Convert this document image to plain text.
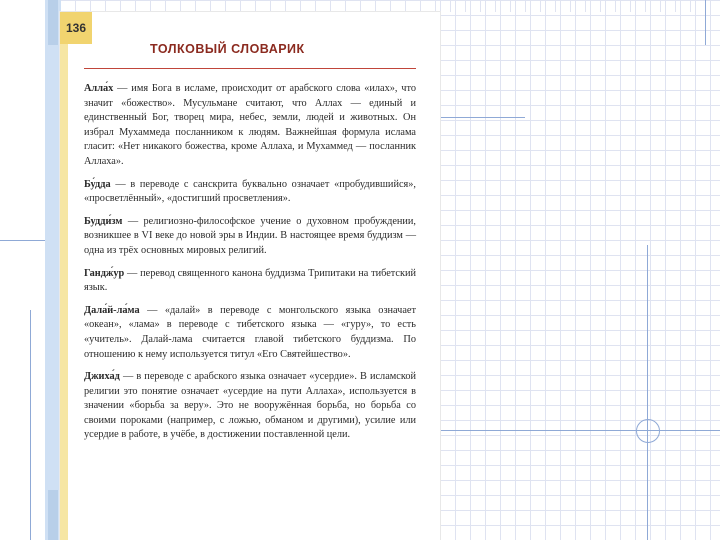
136
ТОЛКОВЫЙ СЛОВАРИК

Алла́х — имя Бога в исламе, происходит от арабского слова «илах», что значит «божество». Мусульмане считают, что Аллах — единый и единственный Бог, творец мира, небес, земли, людей и животных. Он избрал Мухаммеда посланником к людям. Важнейшая формула ислама гласит: «Нет никакого божества, кроме Аллаха, и Мухаммед — посланник Аллаха».

Бу́дда — в переводе с санскрита буквально означает «пробудившийся», «просветлённый», «достигший просветления».

Будди́зм — религиозно-философское учение о духовном пробуждении, возникшее в VI веке до новой эры в Индии. В настоящее время буддизм — одна из трёх основных мировых религий.

Гандж́ур — перевод священного канона буддизма Трипитаки на тибетский язык.

Дала́й-ла́ма — «далай» в переводе с монгольского языка означает «океан», «лама» в переводе с тибетского языка — «гуру», то есть «учитель». Далай-лама считается главой тибетского буддизма. По отношению к нему используется титул «Его Святейшество».

Джиха́д — в переводе с арабского языка означает «усердие». В исламской религии это понятие означает «усердие на пути Аллаха», используется в значении «борьба за веру». Это не вооружённая борьба, но борьба со своими пороками (например, с ложью, обманом и другими), усилие или усердие в работе, в учёбе, в достижении поставленной цели.
